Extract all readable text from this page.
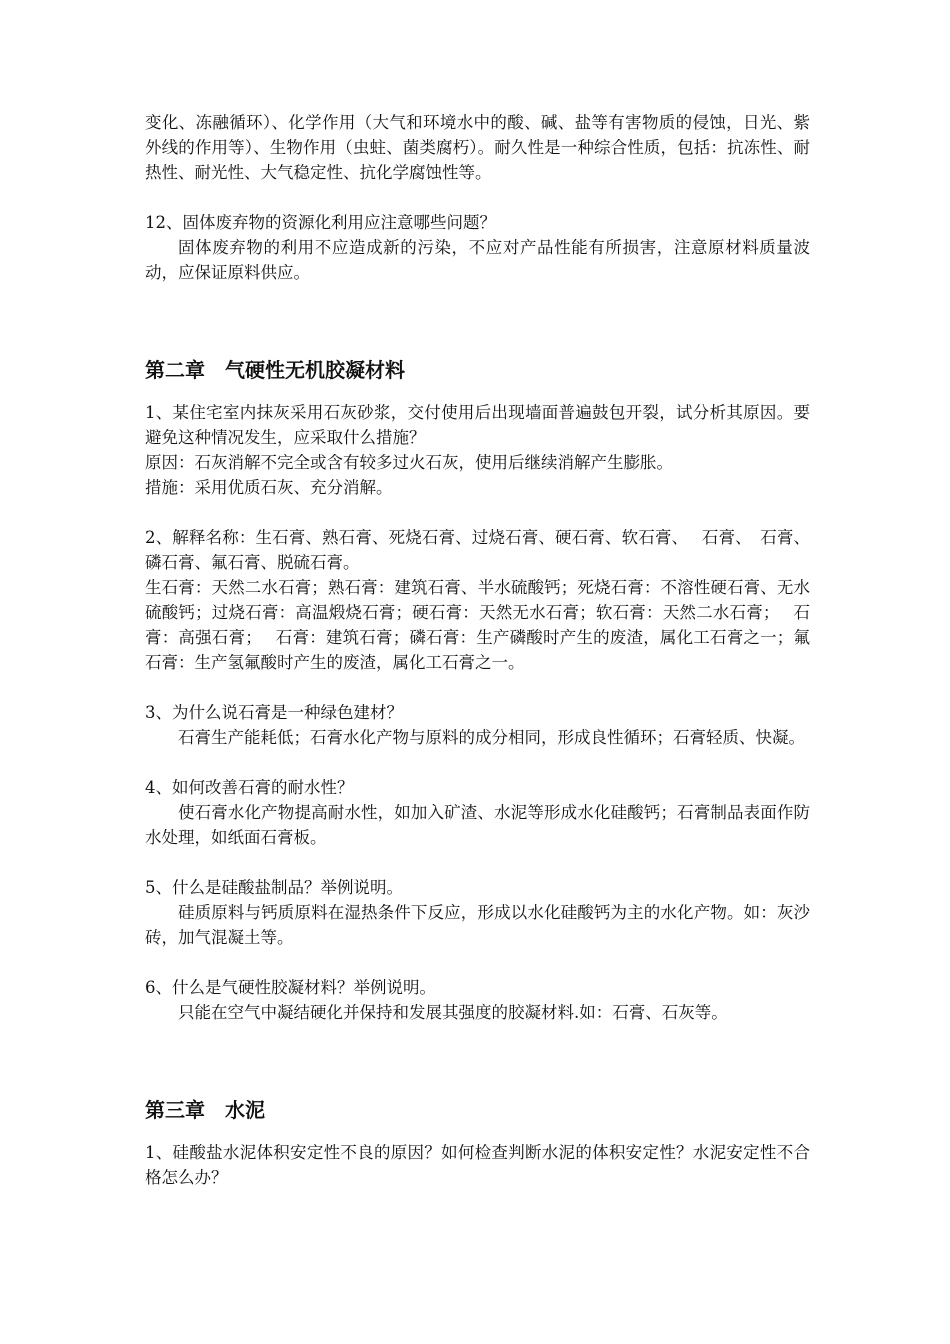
变化、冻融循环）、化学作用（大气和环境水中的酸、碱、盐等有害物质的侵蚀，日光、紫外线的作用等）、生物作用（虫蛀、菌类腐朽）。耐久性是一种综合性质，包括：抗冻性、耐热性、耐光性、大气稳定性、抗化学腐蚀性等。

12、固体废弃物的资源化利用应注意哪些问题？

固体废弃物的利用不应造成新的污染，不应对产品性能有所损害，注意原材料质量波动，应保证原料供应。

第二章　气硬性无机胶凝材料

1、某住宅室内抹灰采用石灰砂浆，交付使用后出现墙面普遍鼓包开裂，试分析其原因。要避免这种情况发生，应采取什么措施？

原因：石灰消解不完全或含有较多过火石灰，使用后继续消解产生膨胀。

措施：采用优质石灰、充分消解。

2、解释名称：生石膏、熟石膏、死烧石膏、过烧石膏、硬石膏、软石膏、　 石膏、　石膏、磷石膏、氟石膏、脱硫石膏。

生石膏：天然二水石膏；熟石膏：建筑石膏、半水硫酸钙；死烧石膏：不溶性硬石膏、无水硫酸钙；过烧石膏：高温煅烧石膏；硬石膏：天然无水石膏；软石膏：天然二水石膏；　 石膏：高强石膏；　 石膏：建筑石膏；磷石膏：生产磷酸时产生的废渣，属化工石膏之一；氟石膏：生产氢氟酸时产生的废渣，属化工石膏之一。

3、为什么说石膏是一种绿色建材？

石膏生产能耗低；石膏水化产物与原料的成分相同，形成良性循环；石膏轻质、快凝。

4、如何改善石膏的耐水性？

使石膏水化产物提高耐水性，如加入矿渣、水泥等形成水化硅酸钙；石膏制品表面作防水处理，如纸面石膏板。

5、什么是硅酸盐制品？举例说明。

硅质原料与钙质原料在湿热条件下反应，形成以水化硅酸钙为主的水化产物。如：灰沙砖，加气混凝土等。

6、什么是气硬性胶凝材料？举例说明。

只能在空气中凝结硬化并保持和发展其强度的胶凝材料.如：石膏、石灰等。

第三章　水泥

1、硅酸盐水泥体积安定性不良的原因？如何检查判断水泥的体积安定性？水泥安定性不合格怎么办？
